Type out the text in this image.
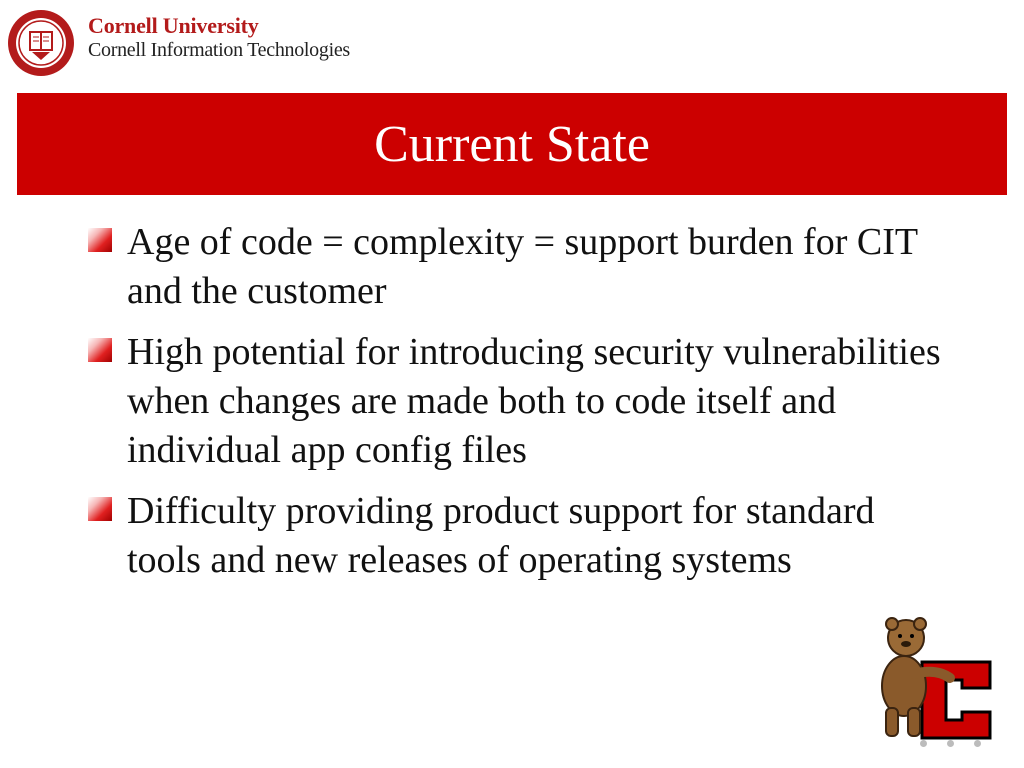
Cornell University
Cornell Information Technologies
Current State
Age of code = complexity = support burden for CIT and the customer
High potential for introducing security vulnerabilities when changes are made both to code itself and individual app config files
Difficulty providing product support for standard tools and new releases of operating systems
